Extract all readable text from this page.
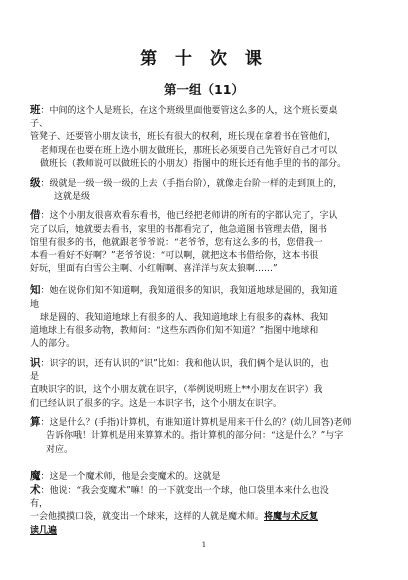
第 十 次 课
第一组（11）
班：中间的这个人是班长，在这个班级里面他要管这么多的人，这个班长要桌
子、
管凳子、还要管小朋友读书，班长有很大的权利，班长现在拿着书在管他们，
老师现在也要在班上选小朋友做班长，那班长必须要自己先管好自己才可以
做班长（教师说可以做班长的小朋友）指图中的班长还有他手里的书的部分。
级：级就是一级一级一级的上去（手指台阶），就像走台阶一样的走到顶上的，
这就是级
借：这个小朋友很喜欢看东看书，他已经把老师讲的所有的字都认完了，字认
完了以后，她就要去看书，家里的书都看完了，他急道图书管理去借，图书
馆里有很多的书，他就跟老爷爷说：“老爷爷，您有这么多的书，您借我一
本看一看好不好啊？”老爷爷说：“可以啊，就把这本书借给你，这本书很
好玩，里面有白雪公主啊、小红帽啊、喜洋洋与灰太狼啊……”
知：她在说你们知不知道啊，我知道很多的知识，我知道地球是圆的，我知道
地
球是圆的、我知道地球上有很多的人、我知道地球上有很多的森林、我知
道地球上有很多动物，教师问：“这些东西你们知不知道？”指图中地球和
人的部分。
识：识字的识，还有认识的“识”比如：我和他认识，我们俩个是认识的，也
是
直映识字的识，这个小朋友就在识字，（举例说明班上**小朋友在识字）我
们已经认识了很多的字。这是一本识字书，这个小朋友在识字。
算：这是什么？(手指)计算机，有谁知道计算机是用来干什么的？(幼儿回答)老师
告诉你哦！计算机是用来算算术的。指计算机的部分问：“这是什么？”与字
对应。
魔：这是一个魔术师，他是会变魔术的。这就是
术：他说：“我会变魔术”嘛！的一下就变出一个球，他口袋里本来什么也没
有，
一会他摸摸口袋，就变出一个球来，这样的人就是魔术师。将魔与术反复
读几遍
1
